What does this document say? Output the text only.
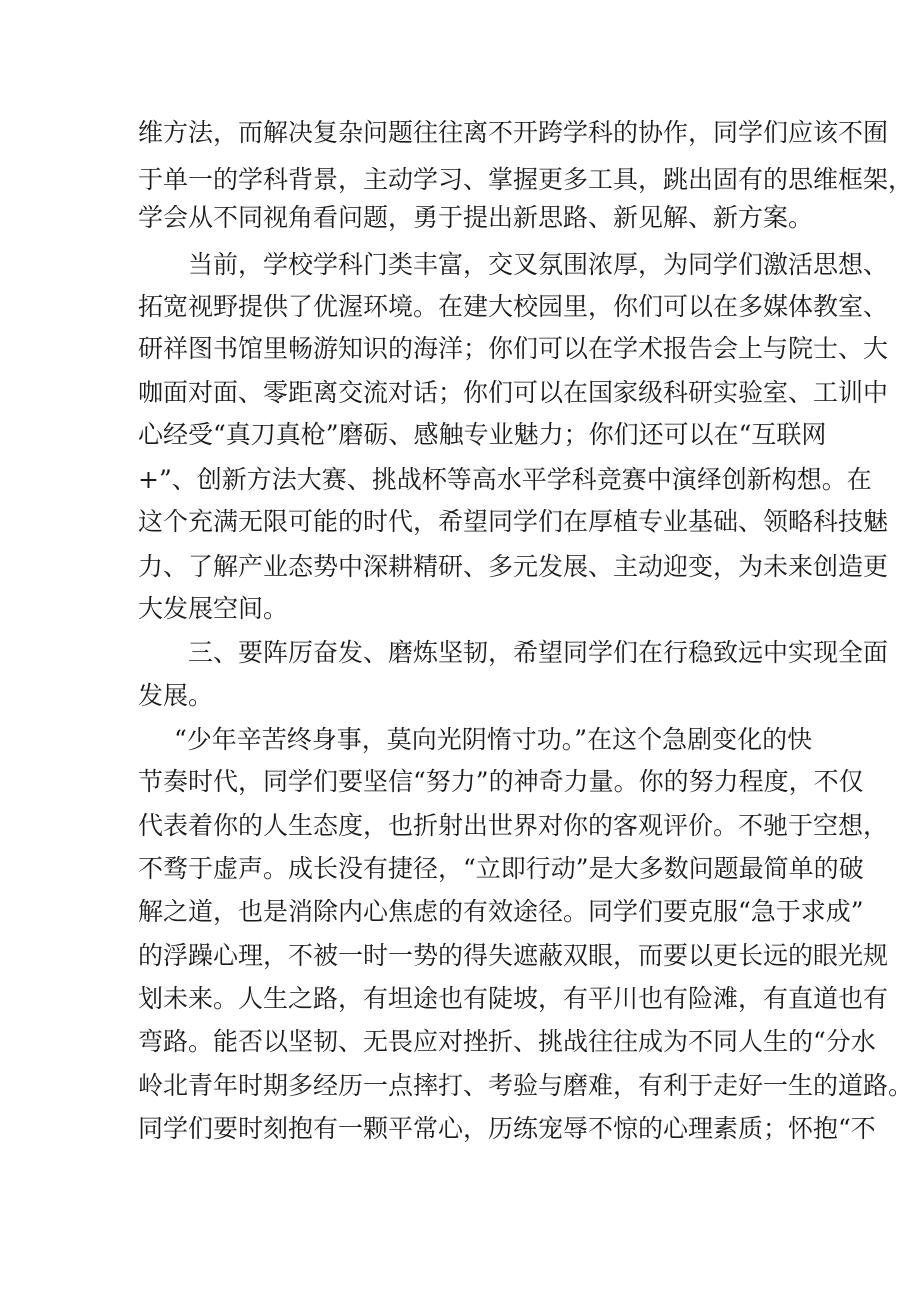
维方法，而解决复杂问题往往离不开跨学科的协作，同学们应该不囿
于单一的学科背景，主动学习、掌握更多工具，跳出固有的思维框架，
学会从不同视角看问题，勇于提出新思路、新见解、新方案。
当前，学校学科门类丰富，交叉氛围浓厚，为同学们激活思想、
拓宽视野提供了优渥环境。在建大校园里，你们可以在多媒体教室、
研祥图书馆里畅游知识的海洋；你们可以在学术报告会上与院士、大
咖面对面、零距离交流对话；你们可以在国家级科研实验室、工训中
心经受“真刀真枪”磨砺、感触专业魅力；你们还可以在“互联网
+”、创新方法大赛、挑战杯等高水平学科竞赛中演绎创新构想。在
这个充满无限可能的时代，希望同学们在厚植专业基础、领略科技魅
力、了解产业态势中深耕精研、多元发展、主动迎变，为未来创造更
大发展空间。
三、要阵厉奋发、磨炼坚韧，希望同学们在行稳致远中实现全面
发展。
“少年辛苦终身事，莫向光阴惰寸功。”在这个急剧变化的快
节奏时代，同学们要坚信“努力”的神奇力量。你的努力程度，不仅
代表着你的人生态度，也折射出世界对你的客观评价。不驰于空想，
不骛于虚声。成长没有捷径，“立即行动”是大多数问题最简单的破
解之道，也是消除内心焦虑的有效途径。同学们要克服“急于求成”
的浮躁心理，不被一时一势的得失遮蔽双眼，而要以更长远的眼光规
划未来。人生之路，有坦途也有陡坡，有平川也有险滩，有直道也有
弯路。能否以坚韧、无畏应对挫折、挑战往往成为不同人生的“分水
岭北青年时期多经历一点摔打、考验与磨难，有利于走好一生的道路。
同学们要时刻抱有一颗平常心，历练宠辱不惊的心理素质；怀抱“不
